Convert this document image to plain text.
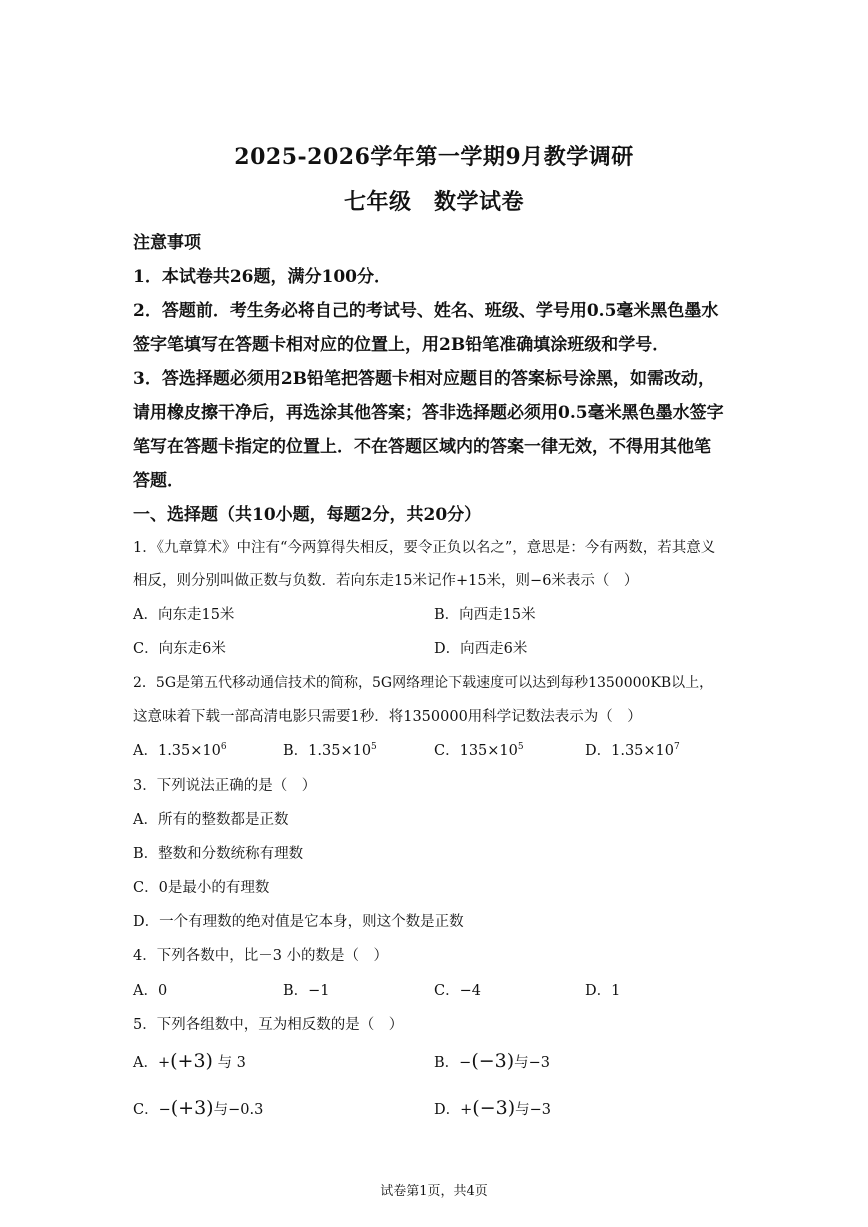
2025-2026学年第一学期9月教学调研
七年级　数学试卷
注意事项
1．本试卷共26题，满分100分．
2．答题前．考生务必将自己的考试号、姓名、班级、学号用0.5毫米黑色墨水
签字笔填写在答题卡相对应的位置上，用2B铅笔准确填涂班级和学号．
3．答选择题必须用2B铅笔把答题卡相对应题目的答案标号涂黑，如需改动，
请用橡皮擦干净后，再选涂其他答案；答非选择题必须用0.5毫米黑色墨水签字
笔写在答题卡指定的位置上．不在答题区域内的答案一律无效，不得用其他笔
答题．
一、选择题（共10小题，每题2分，共20分）
1．《九章算术》中注有“今两算得失相反，要令正负以名之”，意思是：今有两数，若其意义
相反，则分别叫做正数与负数．若向东走15米记作+15米，则−6米表示（　）
A．向东走15米	B．向西走15米
C．向东走6米	D．向西走6米
2．5G是第五代移动通信技术的简称，5G网络理论下载速度可以达到每秒1350000KB以上，
这意味着下载一部高清电影只需要1秒．将1350000用科学记数法表示为（　）
A．$1.35\times 10^6$	B．$1.35\times 10^5$	C．$135\times 10^5$	D．$1.35\times 10^7$
3．下列说法正确的是（　）
A．所有的整数都是正数
B．整数和分数统称有理数
C．0是最小的有理数
D．一个有理数的绝对值是它本身，则这个数是正数
4．下列各数中，比－3 小的数是（　）
A．0	B．−1	C．−4	D．1
5．下列各组数中，互为相反数的是（　）
A．+(+3) 与 3	B．−(−3)与−3
C．−(+3)与−0.3	D．+(−3)与−3
试卷第1页，共4页
